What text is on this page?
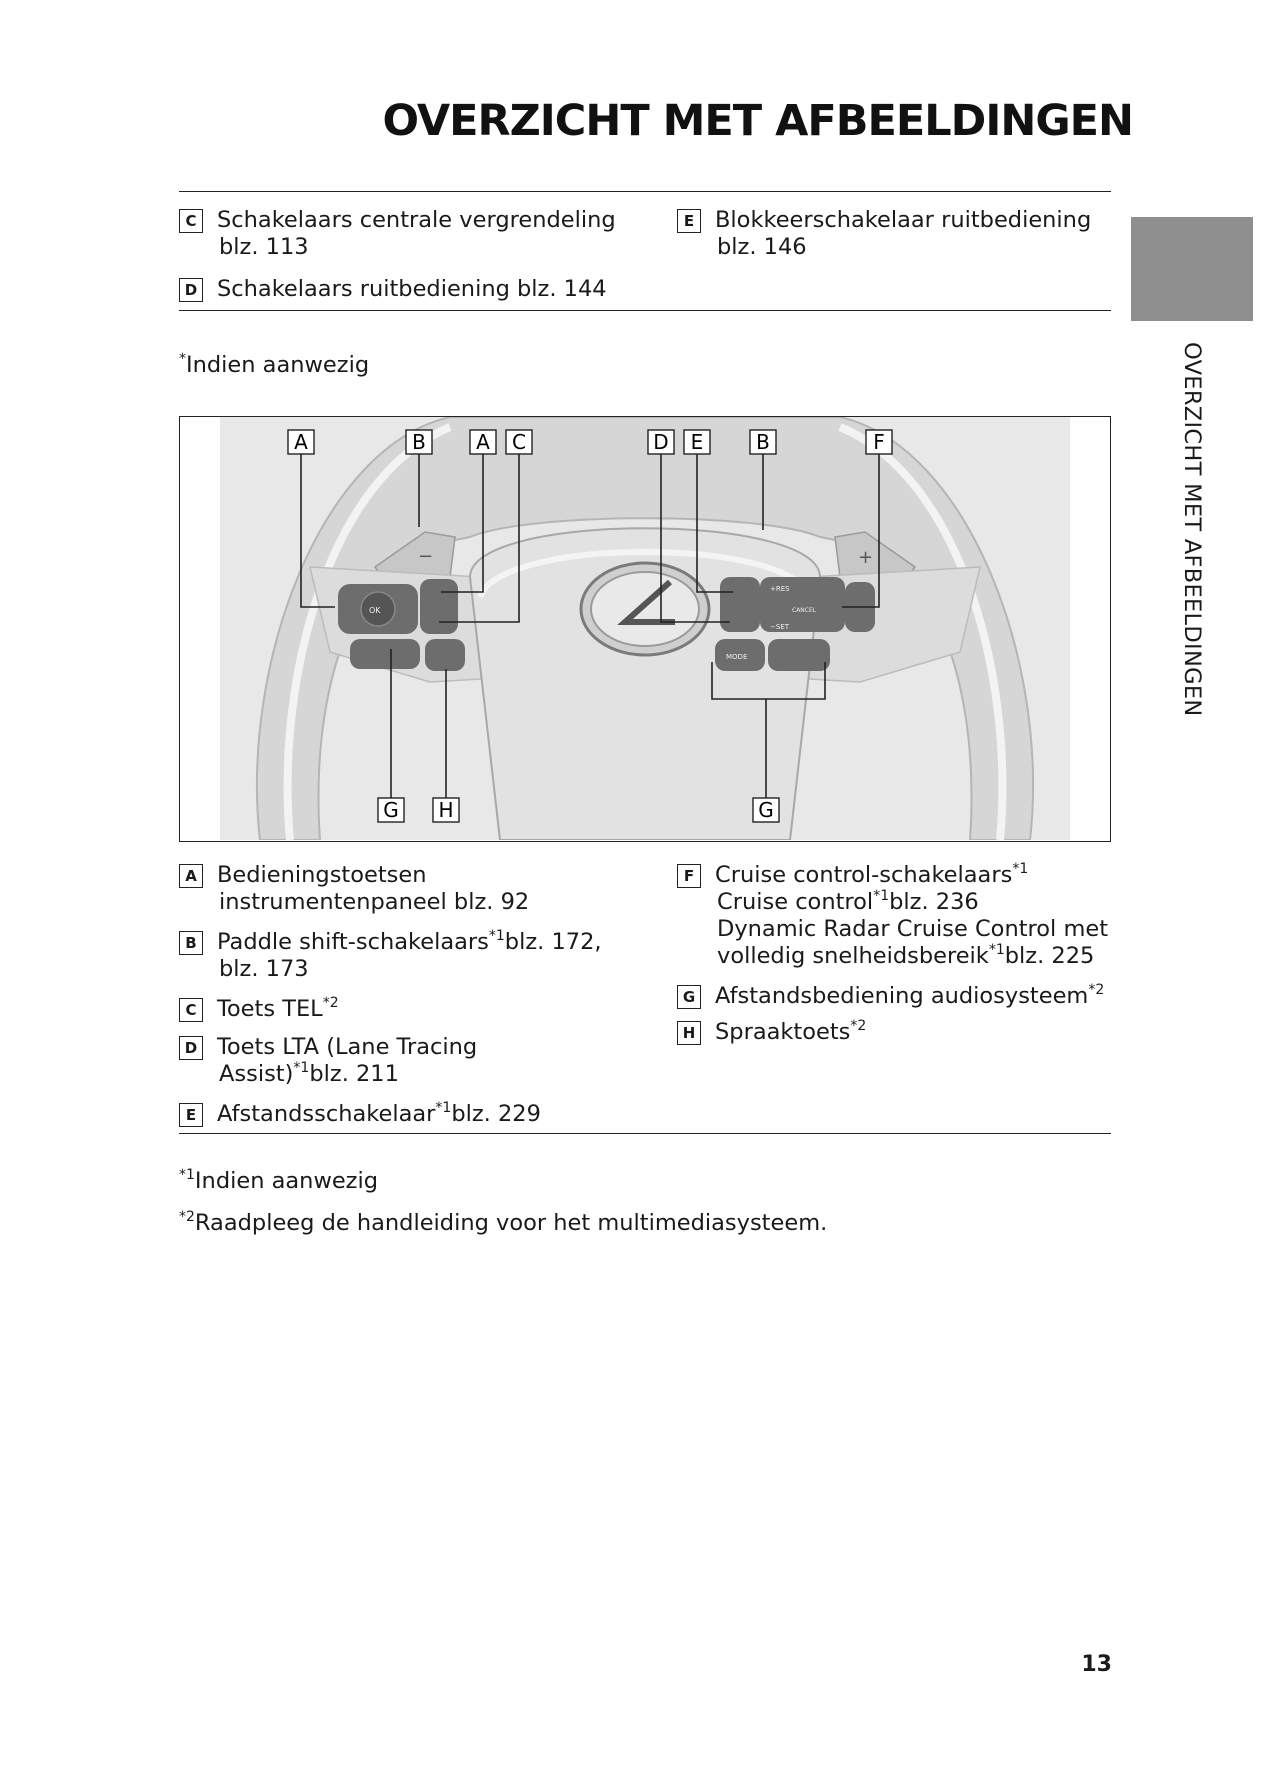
OVERZICHT MET AFBEELDINGEN
OVERZICHT MET AFBEELDINGEN
C Schakelaars centrale vergrendeling
blz. 113
D Schakelaars ruitbediening blz. 144
E Blokkeerschakelaar ruitbediening
blz. 146
*Indien aanwezig
−	+
OK
+RES
CANCEL
−SET
MODE
A	B	A C	D E	B	F
G H	G
A Bedieningstoetsen
instrumentenpaneel blz. 92
B Paddle shift-schakelaars$^{*1}$blz. 172,
blz. 173
C Toets TEL$^{*2}$
D Toets LTA (Lane Tracing
Assist)$^{*1}$blz. 211
E Afstandsschakelaar$^{*1}$blz. 229
F Cruise control-schakelaars$^{*1}$
Cruise control$^{*1}$blz. 236
Dynamic Radar Cruise Control met
volledig snelheidsbereik$^{*1}$blz. 225
G Afstandsbediening audiosysteem$^{*2}$
H Spraaktoets$^{*2}$
$^{*1}$Indien aanwezig
$^{*2}$Raadpleeg de handleiding voor het multimediasysteem.
13
